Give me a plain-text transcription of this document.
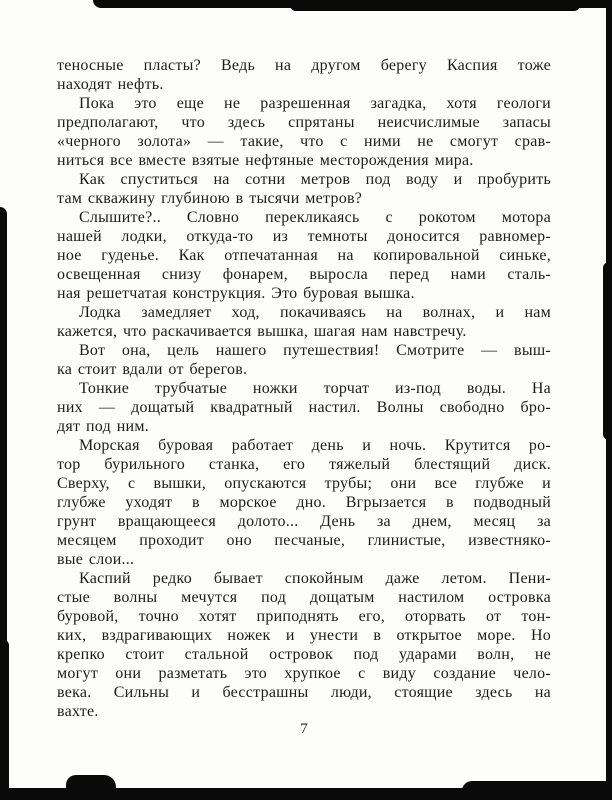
теносные пласты? Ведь на другом берегу Каспия тоже
находят нефть.
Пока это еще не разрешенная загадка, хотя геологи
предполагают, что здесь спрятаны неисчислимые запасы
«черного золота» — такие, что с ними не смогут срав-
ниться все вместе взятые нефтяные месторождения мира.
Как спуститься на сотни метров под воду и пробурить
там скважину глубиною в тысячи метров?
Слышите?.. Словно перекликаясь с рокотом мотора
нашей лодки, откуда-то из темноты доносится равномер-
ное гуденье. Как отпечатанная на копировальной синьке,
освещенная снизу фонарем, выросла перед нами сталь-
ная решетчатая конструкция. Это буровая вышка.
Лодка замедляет ход, покачиваясь на волнах, и нам
кажется, что раскачивается вышка, шагая нам навстречу.
Вот она, цель нашего путешествия! Смотрите — выш-
ка стоит вдали от берегов.
Тонкие трубчатые ножки торчат из-под воды. На
них — дощатый квадратный настил. Волны свободно бро-
дят под ним.
Морская буровая работает день и ночь. Крутится ро-
тор бурильного станка, его тяжелый блестящий диск.
Сверху, с вышки, опускаются трубы; они все глубже и
глубже уходят в морское дно. Вгрызается в подводный
грунт вращающееся долото... День за днем, месяц за
месяцем проходит оно песчаные, глинистые, известняко-
вые слои...
Каспий редко бывает спокойным даже летом. Пени-
стые волны мечутся под дощатым настилом островка
буровой, точно хотят приподнять его, оторвать от тон-
ких, вздрагивающих ножек и унести в открытое море. Но
крепко стоит стальной островок под ударами волн, не
могут они разметать это хрупкое с виду создание чело-
века. Сильны и бесстрашны люди, стоящие здесь на
вахте.
7
